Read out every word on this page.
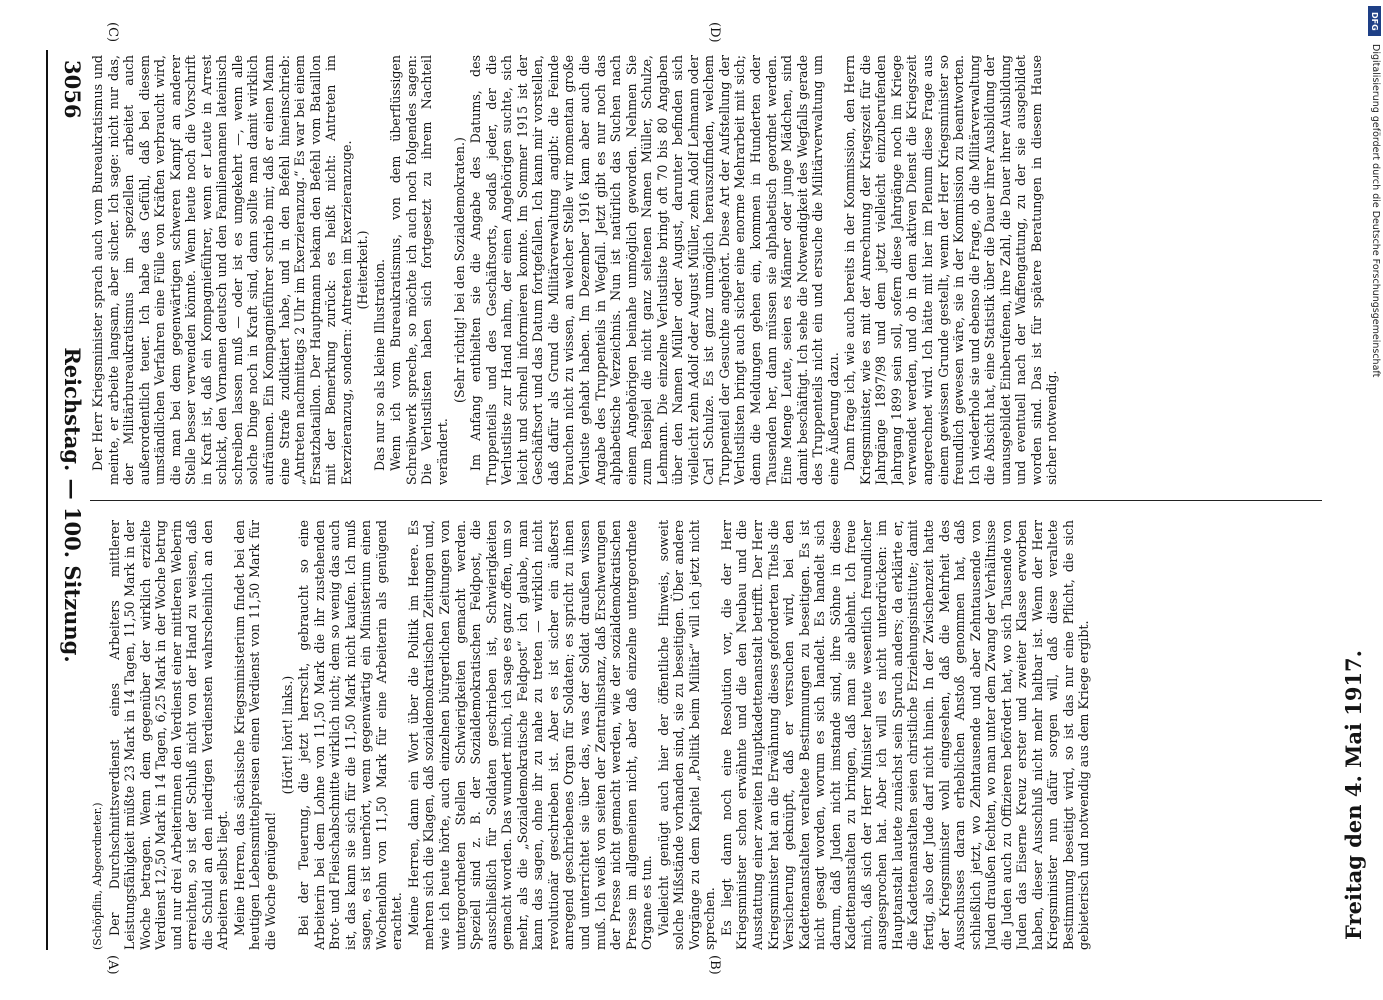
3056
Reichstag. — 100. Sitzung.

(Schöpflin, Abgeordneter.) Der Durchschnittsverdienst eines Arbeiters mittlerer Leistungsfähigkeit müßte 23 Mark in 14 Tagen, 11,50 Mark in der Woche betragen. Wenn dem gegenüber der wirklich erzielte Verdienst 12,50 Mark in 14 Tagen, 6,25 Mark in der Woche betrug und nur drei Arbeiterinnen den Verdienst einer mittleren Weberin erreichten, so ist der Schluß nicht von der Hand zu weisen, daß die Schuld an den niedrigen Verdiensten wahrscheinlich an den Arbeitern selbst liegt. Meine Herren, das sächsische Kriegsministerium findet bei den heutigen Lebensmittelpreisen einen Verdienst von 11,50 Mark für die Woche genügend!

(Hört! hört! links.) Bei der Teuerung, die jetzt herrscht, gebraucht so eine Arbeiterin bei dem Lohne von 11,50 Mark die ihr zustehenden Brot- und Fleischabschnitte wirklich nicht; dem so wenig das auch ist, das kann sie sich für die 11,50 Mark nicht kaufen. Ich muß sagen, es ist unerhört, wenn gegenwärtig ein Ministerium einen Wochenlohn von 11,50 Mark für eine Arbeiterin als genügend erachtet. Meine Herren, dann ein Wort über die Politik im Heere. Es mehren sich die Klagen, daß sozialdemokratischen Zeitungen und, wie ich heute hörte, auch einzelnen bürgerlichen Zeitungen von untergeordneten Stellen Schwierigkeiten gemacht werden. Speziell sind z. B. der Sozialdemokratischen Feldpost, die ausschließlich für Soldaten geschrieben ist, Schwierigkeiten gemacht worden. Das wundert mich, ich sage es ganz offen, um so mehr, als die „Sozialdemokratische Feldpost“ ich glaube, man kann das sagen, ohne ihr zu nahe zu treten — wirklich nicht revolutionär geschrieben ist. Aber es ist sicher ein äußerst anregend geschriebenes Organ für Soldaten; es spricht zu ihnen und unterrichtet sie über das, was der Soldat draußen wissen muß. Ich weiß von seiten der Zentralinstanz, daß Erschwerungen der Presse nicht gemacht werden, wie der sozialdemokratischen Presse im allgemeinen nicht, aber daß einzelne untergeordnete Organe es tun. Vielleicht genügt auch hier der öffentliche Hinweis, soweit solche Mißstände vorhanden sind, sie zu beseitigen. Über andere Vorgänge zu dem Kapitel „Politik beim Militär“ will ich jetzt nicht sprechen. Es liegt dann noch eine Resolution vor, die der Herr Kriegsminister schon erwähnte und die den Neubau und die Ausstattung einer zweiten Hauptkadettenanstalt betrifft. Der Herr Kriegsminister hat an die Erwähnung dieses geforderten Titels die Versicherung geknüpft, daß er versuchen wird, bei den Kadettenanstalten veraltete Bestimmungen zu beseitigen. Es ist nicht gesagt worden, worum es sich handelt. Es handelt sich darum, daß Juden nicht imstande sind, ihre Söhne in diese Kadettenanstalten zu bringen, daß man sie ablehnt. Ich freue mich, daß sich der Herr Minister heute wesentlich freundlicher ausgesprochen hat. Aber ich will es nicht unterdrücken: im Hauptanstalt lautete zunächst sein Spruch anders; da erklärte er, die Kadettenanstalten seien christliche Erziehungsinstitute; damit fertig, also der Jude darf nicht hinein. In der Zwischenzeit hatte der Kriegsminister wohl eingesehen, daß die Mehrheit des Ausschusses daran erheblichen Anstoß genommen hat, daß schließlich jetzt, wo Zehntausende und aber Zehntausende von Juden draußen fechten, wo man unter dem Zwang der Verhältnisse die Juden auch zu Offizieren befördert hat, wo sich Tausende von Juden das Eiserne Kreuz erster und zweiter Klasse erworben haben, dieser Ausschluß nicht mehr haltbar ist. Wenn der Herr Kriegsminister nun dafür sorgen will, daß diese veraltete Bestimmung beseitigt wird, so ist das nur eine Pflicht, die sich gebieterisch und notwendig aus dem Kriege ergibt.	Freitag den 4. Mai 1917.

Der Herr Kriegsminister sprach auch vom Bureaukratismus und meinte, er arbeite langsam, aber sicher. Ich sage: nicht nur das, der Militärbureaukratismus im speziellen arbeitet auch außerordentlich teuer. Ich habe das Gefühl, daß bei diesem umständlichen Verfahren eine Fülle von Kräften verbraucht wird, die man bei dem gegenwärtigen schweren Kampf an anderer Stelle besser verwenden könnte. Wenn heute noch die Vorschrift in Kraft ist, daß ein Kompagnieführer, wenn er Leute in Arrest schickt, den Vornamen deutsch und den Familiennamen lateinisch schreiben lassen muß — oder ist es umgekehrt —, wenn alle solche Dinge noch in Kraft sind, dann sollte man damit wirklich aufräumen. Ein Kompagnieführer schrieb mir, daß er einen Mann eine Strafe zudiktiert habe, und in den Befehl hineinschrieb: „Antreten nachmittags 2 Uhr im Exerzieranzug.“ Es war bei einem Ersatzbataillon. Der Hauptmann bekam den Befehl vom Bataillon mit der Bemerkung zurück: es heißt nicht: Antreten im Exerzieranzug, sondern: Antreten im Exerzieranzuge. (Heiterkeit.) Das nur so als kleine Illustration. Wenn ich vom Bureaukratismus, von dem überflüssigen Schreibwerk spreche, so möchte ich auch noch folgendes sagen: Die Verlustlisten haben sich fortgesetzt zu ihrem Nachteil verändert.

(Sehr richtig! bei den Sozialdemokraten.) Im Anfang enthielten sie die Angabe des Datums, des Truppenteils und des Geschäftsorts, sodaß jeder, der die Verlustliste zur Hand nahm, der einen Angehörigen suchte, sich leicht und schnell informieren konnte. Im Sommer 1915 ist der Geschäftsort und das Datum fortgefallen. Ich kann mir vorstellen, daß dafür als Grund die Militärverwaltung angibt: die Feinde brauchen nicht zu wissen, an welcher Stelle wir momentan große Verluste gehabt haben. Im Dezember 1916 kam aber auch die Angabe des Truppenteils in Wegfall. Jetzt gibt es nur noch das alphabetische Verzeichnis. Nun ist natürlich das Suchen nach einem Angehörigen beinahe unmöglich geworden. Nehmen Sie zum Beispiel die nicht ganz seltenen Namen Müller, Schulze, Lehmann. Die einzelne Verlustliste bringt oft 70 bis 80 Angaben über den Namen Müller oder August, darunter befinden sich vielleicht zehn Adolf oder August Müller, zehn Adolf Lehmann oder Carl Schulze. Es ist ganz unmöglich herauszufinden, welchem Truppenteil der Gesuchte angehört. Diese Art der Aufstellung der Verlustlisten bringt auch sicher eine enorme Mehrarbeit mit sich; denn die Meldungen gehen ein, kommen in Hunderten oder Tausenden her, dann müssen sie alphabetisch geordnet werden. Eine Menge Leute, seien es Männer oder junge Mädchen, sind damit beschäftigt. Ich sehe die Notwendigkeit des Wegfalls gerade des Truppenteils nicht ein und ersuche die Militärverwaltung um eine Äußerung dazu. Dann frage ich, wie auch bereits in der Kommission, den Herrn Kriegsminister, wie es mit der Anrechnung der Kriegszeit für die Jahrgänge 1897/98 und dem jetzt vielleicht einzuberufenden Jahrgang 1899 sein soll, sofern diese Jahrgänge noch im Kriege verwendet werden, und ob in dem aktiven Dienst die Kriegszeit angerechnet wird. Ich hätte mit hier im Plenum diese Frage aus einem gewissen Grunde gestellt, wenn der Herr Kriegsminister so freundlich gewesen wäre, sie in der Kommission zu beantworten. Ich wiederhole sie und ebenso die Frage, ob die Militärverwaltung die Absicht hat, eine Statistik über die Dauer ihrer Ausbildung der unausgebildet Einberufenen, ihre Zahl, die Dauer ihrer Ausbildung und eventuell nach der Waffengattung, zu der sie ausgebildet worden sind. Das ist für spätere Beratungen in diesem Hause sicher notwendig.

(A)	(B)
(C)	(D)
DFG
Digitalisierung gefördert durch die Deutsche Forschungsgemeinschaft
